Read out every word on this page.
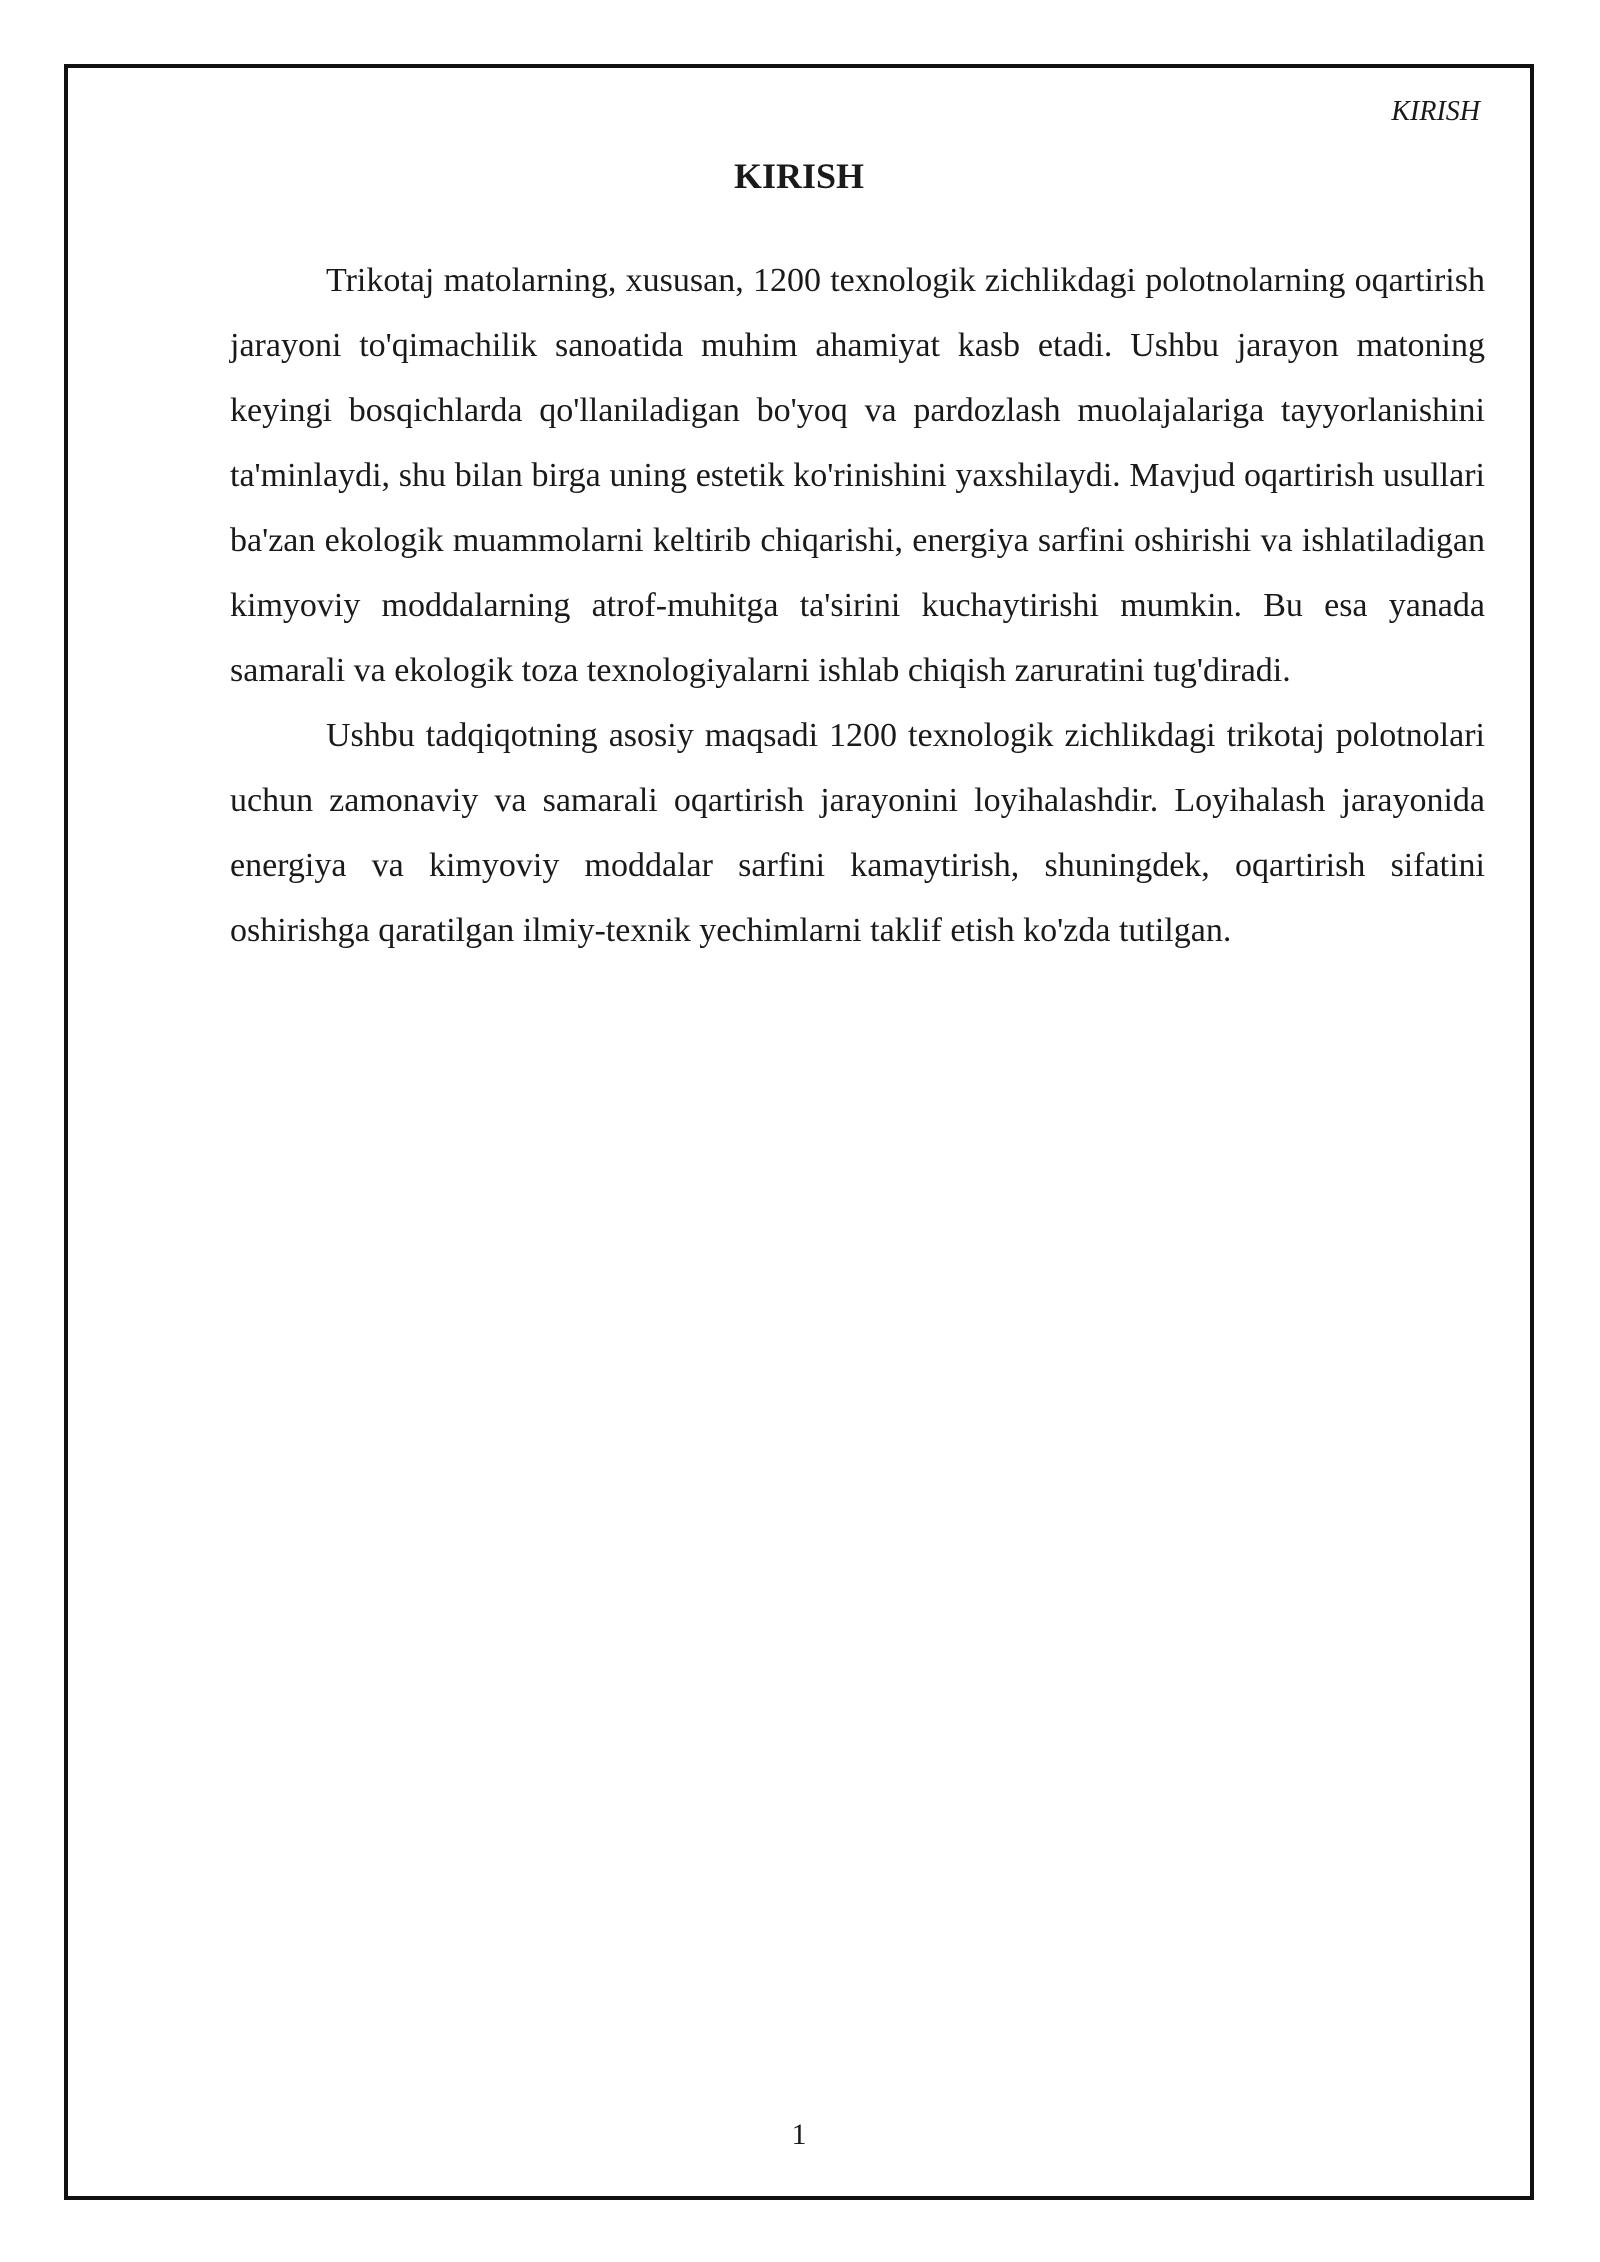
KIRISH
KIRISH

Trikotaj matolarning, xususan, 1200 texnologik zichlikdagi polotnolarning oqartirish jarayoni to'qimachilik sanoatida muhim ahamiyat kasb etadi. Ushbu jarayon matoning keyingi bosqichlarda qo'llaniladigan bo'yoq va pardozlash muolajalariga tayyorlanishini ta'minlaydi, shu bilan birga uning estetik ko'rinishini yaxshilaydi. Mavjud oqartirish usullari ba'zan ekologik muammolarni keltirib chiqarishi, energiya sarfini oshirishi va ishlatiladigan kimyoviy moddalarning atrof-muhitga ta'sirini kuchaytirishi mumkin. Bu esa yanada samarali va ekologik toza texnologiyalarni ishlab chiqish zaruratini tug'diradi.

Ushbu tadqiqotning asosiy maqsadi 1200 texnologik zichlikdagi trikotaj polotnolari uchun zamonaviy va samarali oqartirish jarayonini loyihalashdir. Loyihalash jarayonida energiya va kimyoviy moddalar sarfini kamaytirish, shuningdek, oqartirish sifatini oshirishga qaratilgan ilmiy-texnik yechimlarni taklif etish ko'zda tutilgan.

1
